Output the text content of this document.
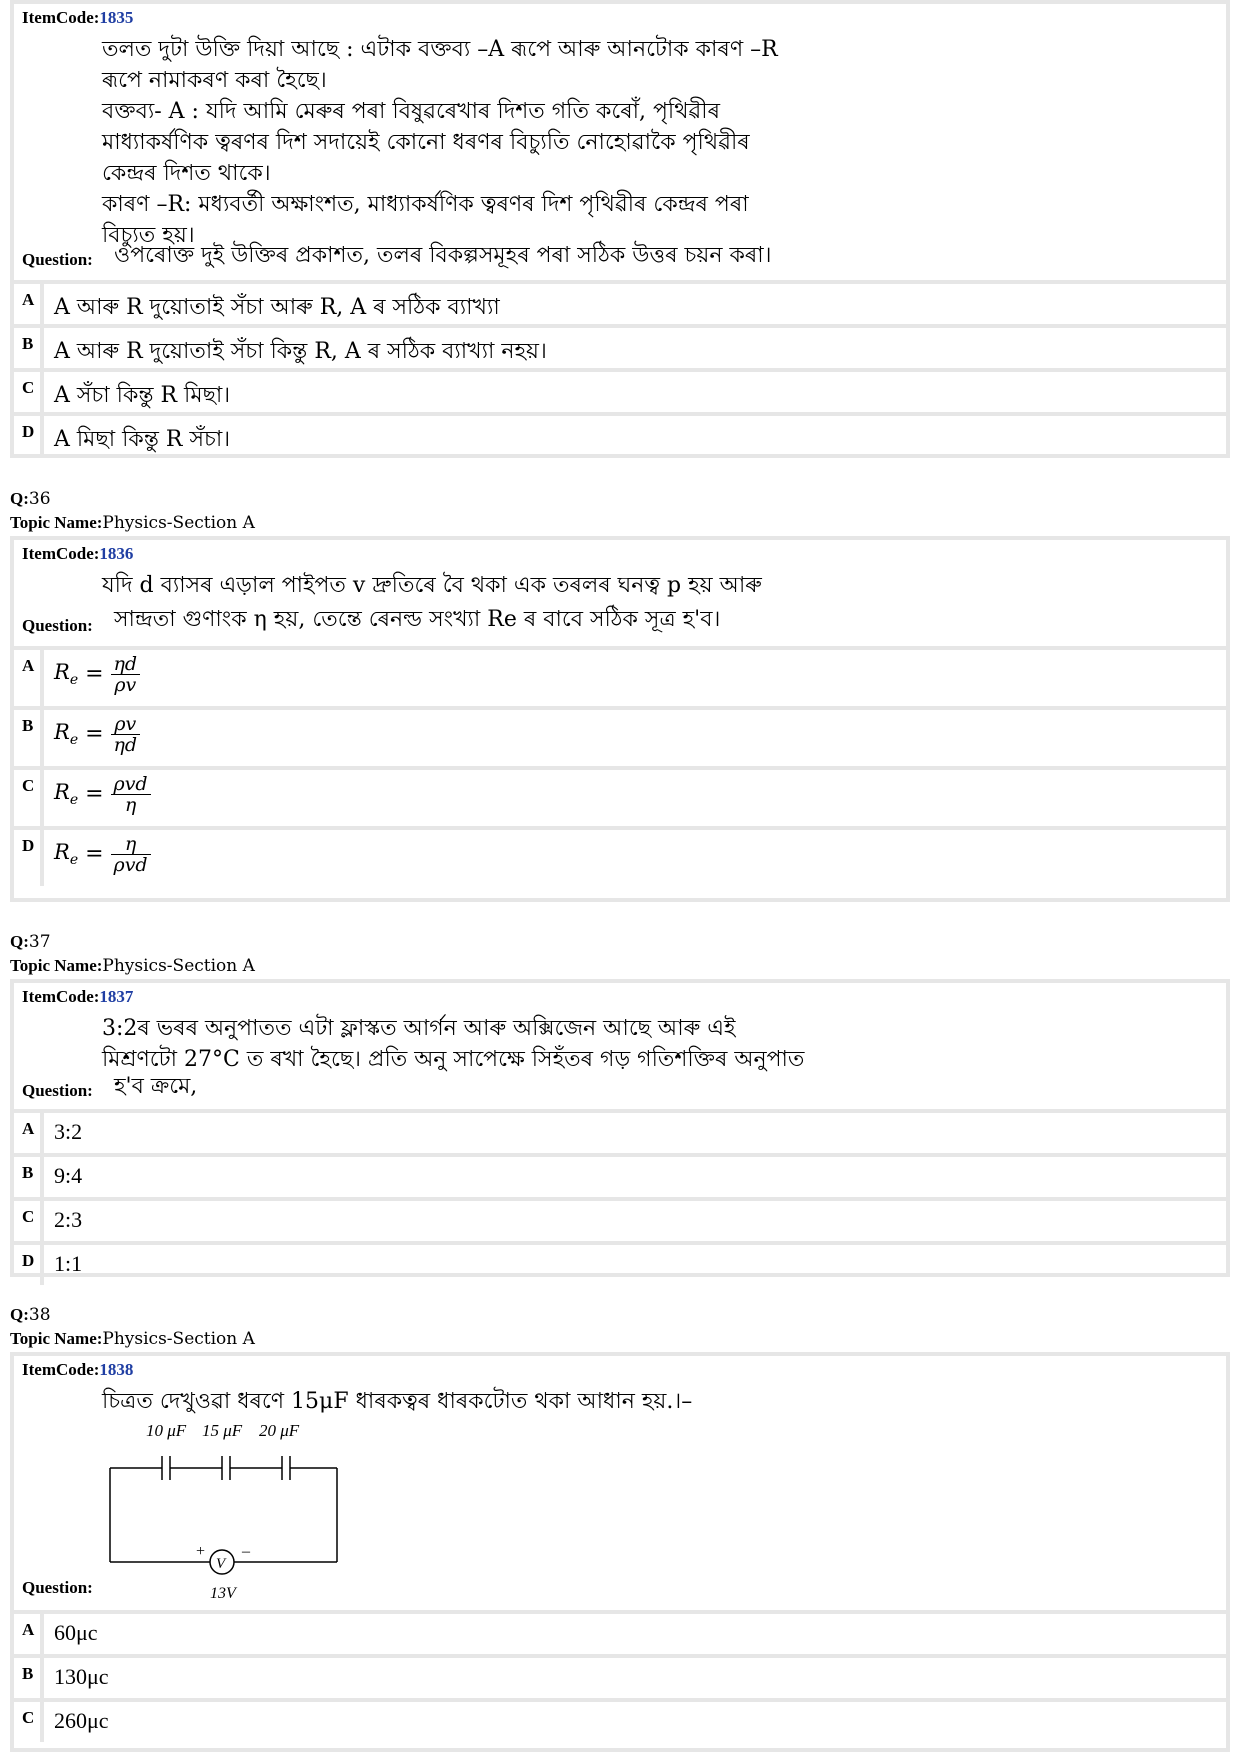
ItemCode:1835
তলত দুটা উক্তি দিয়া আছে : এটাক বক্তব্য –A ৰূপে আৰু আনটোক কাৰণ –R
ৰূপে নামাকৰণ কৰা হৈছে।
বক্তব্য- A : যদি আমি মেৰুৰ পৰা বিষুৱৰেখাৰ দিশত গতি কৰোঁ, পৃথিৱীৰ
মাধ্যাকৰ্ষণিক ত্বৰণৰ দিশ সদায়েই কোনো ধৰণৰ বিচ্যুতি নোহোৱাকৈ পৃথিৱীৰ
কেন্দ্ৰৰ দিশত থাকে।
কাৰণ –R: মধ্যবৰ্তী অক্ষাংশত, মাধ্যাকৰ্ষণিক ত্বৰণৰ দিশ পৃথিৱীৰ কেন্দ্ৰৰ পৰা
বিচ্যুত হয়।
Question: ওপৰোক্ত দুই উক্তিৰ প্ৰকাশত, তলৰ বিকল্পসমূহৰ পৰা সঠিক উত্তৰ চয়ন কৰা।
A A আৰু R দুয়োতাই সঁচা আৰু R, A ৰ সঠিক ব্যাখ্যা
B A আৰু R দুয়োতাই সঁচা কিন্তু R, A ৰ সঠিক ব্যাখ্যা নহয়।
C A সঁচা কিন্তু R মিছা।
D A মিছা কিন্তু R সঁচা।
Q:36
Topic Name:Physics-Section A
ItemCode:1836
যদি d ব্যাসৰ এড়াল পাইপত v দ্ৰুতিৰে বৈ থকা এক তৰলৰ ঘনত্ব p হয় আৰু
Question: সান্দ্ৰতা গুণাংক η হয়, তেন্তে ৰেনল্ড সংখ্যা Re ৰ বাবে সঠিক সূত্ৰ হ'ব।
A $R_e = \frac{\eta d}{\rho v}$
B $R_e = \frac{\rho v}{\eta d}$
C $R_e = \frac{\text{ρvd}}{\eta}$
D $R_e = \frac{\eta}{\text{ρvd}}$
Q:37
Topic Name:Physics-Section A
ItemCode:1837
3:2ৰ ভৰৰ অনুপাতত এটা ফ্লাস্কত আৰ্গন আৰু অক্সিজেন আছে আৰু এই
মিশ্ৰণটো 27°C ত ৰখা হৈছে। প্ৰতি অনু সাপেক্ষে সিহঁতৰ গড় গতিশক্তিৰ অনুপাত
Question: হ'ব ক্ৰমে,
A 3:2
B 9:4
C 2:3
D 1:1
Q:38
Topic Name:Physics-Section A
ItemCode:1838
চিত্ৰত দেখুওৱা ধৰণে 15μF ধাৰকত্বৰ ধাৰকটোত থকা আধান হয়.।–
10 μF 15 μF 20 μF
+ –
V
13V
Question:
A 60μc
B 130μc
C 260μc
